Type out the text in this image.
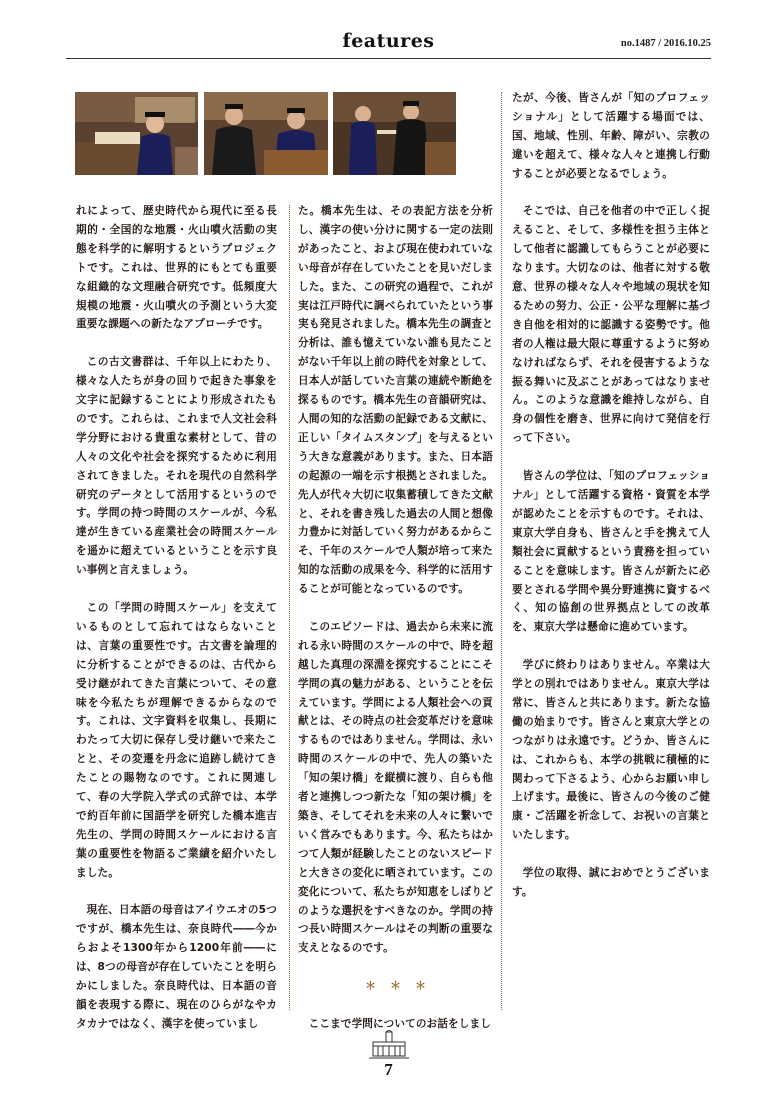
features	no.1487 / 2016.10.25

れによって、歴史時代から現代に至る長期的・全国的な地震・火山噴火活動の実態を科学的に解明するというプロジェクトです。これは、世界的にもとても重要な組織的な文理融合研究です。低頻度大規模の地震・火山噴火の予測という大変重要な課題への新たなアプローチです。

この古文書群は、千年以上にわたり、様々な人たちが身の回りで起きた事象を文字に記録することにより形成されたものです。これらは、これまで人文社会科学分野における貴重な素材として、昔の人々の文化や社会を探究するために利用されてきました。それを現代の自然科学研究のデータとして活用するというのです。学問の持つ時間のスケールが、今私達が生きている産業社会の時間スケールを遥かに超えているということを示す良い事例と言えましょう。

この「学問の時間スケール」を支えているものとして忘れてはならないことは、言葉の重要性です。古文書を論理的に分析することができるのは、古代から受け継がれてきた言葉について、その意味を今私たちが理解できるからなのです。これは、文字資料を収集し、長期にわたって大切に保存し受け継いで来たことと、その変遷を丹念に追跡し続けてきたことの賜物なのです。これに関連して、春の大学院入学式の式辞では、本学で約百年前に国語学を研究した橋本進吉先生の、学問の時間スケールにおける言葉の重要性を物語るご業績を紹介いたしました。

現在、日本語の母音はアイウエオの5つですが、橋本先生は、奈良時代――今からおよそ1300年から1200年前――には、8つの母音が存在していたことを明らかにしました。奈良時代は、日本語の音韻を表現する際に、現在のひらがなやカタカナではなく、漢字を使っていまし

た。橋本先生は、その表記方法を分析し、漢字の使い分けに関する一定の法則があったこと、および現在使われていない母音が存在していたことを見いだしました。また、この研究の過程で、これが実は江戸時代に調べられていたという事実も発見されました。橋本先生の調査と分析は、誰も憶えていない誰も見たことがない千年以上前の時代を対象として、日本人が話していた言葉の連続や断絶を探るものです。橋本先生の音韻研究は、人間の知的な活動の記録である文献に、正しい「タイムスタンプ」を与えるという大きな意義があります。また、日本語の起源の一端を示す根拠とされました。先人が代々大切に収集蓄積してきた文献と、それを書き残した過去の人間と想像力豊かに対話していく努力があるからこそ、千年のスケールで人類が培って来た知的な活動の成果を今、科学的に活用することが可能となっているのです。

このエピソードは、過去から未来に流れる永い時間のスケールの中で、時を超越した真理の深淵を探究することにこそ学問の真の魅力がある、ということを伝えています。学問による人類社会への貢献とは、その時点の社会変革だけを意味するものではありません。学問は、永い時間のスケールの中で、先人の築いた「知の架け橋」を縦横に渡り、自らも他者と連携しつつ新たな「知の架け橋」を築き、そしてそれを未来の人々に繋いでいく営みでもあります。今、私たちはかつて人類が経験したことのないスピードと大きさの変化に晒されています。この変化について、私たちが知恵をしぼりどのような選択をすべきなのか。学問の持つ長い時間スケールはその判断の重要な支えとなるのです。

＊＊＊

ここまで学問についてのお話をしまし

たが、今後、皆さんが「知のプロフェッショナル」として活躍する場面では、国、地域、性別、年齢、障がい、宗教の違いを超えて、様々な人々と連携し行動することが必要となるでしょう。

そこでは、自己を他者の中で正しく捉えること、そして、多様性を担う主体として他者に認識してもらうことが必要になります。大切なのは、他者に対する敬意、世界の様々な人々や地域の現状を知るための努力、公正・公平な理解に基づき自他を相対的に認識する姿勢です。他者の人権は最大限に尊重するように努めなければならず、それを侵害するような振る舞いに及ぶことがあってはなりません。このような意識を維持しながら、自身の個性を磨き、世界に向けて発信を行って下さい。

皆さんの学位は、「知のプロフェッショナル」として活躍する資格・資質を本学が認めたことを示すものです。それは、東京大学自身も、皆さんと手を携えて人類社会に貢献するという責務を担っていることを意味します。皆さんが新たに必要とされる学問や異分野連携に資するべく、知の協創の世界拠点としての改革を、東京大学は懸命に進めています。

学びに終わりはありません。卒業は大学との別れではありません。東京大学は常に、皆さんと共にあります。新たな協働の始まりです。皆さんと東京大学とのつながりは永遠です。どうか、皆さんには、これからも、本学の挑戦に積極的に関わって下さるよう、心からお願い申し上げます。最後に、皆さんの今後のご健康・ご活躍を祈念して、お祝いの言葉といたします。

学位の取得、誠におめでとうございます。

7
